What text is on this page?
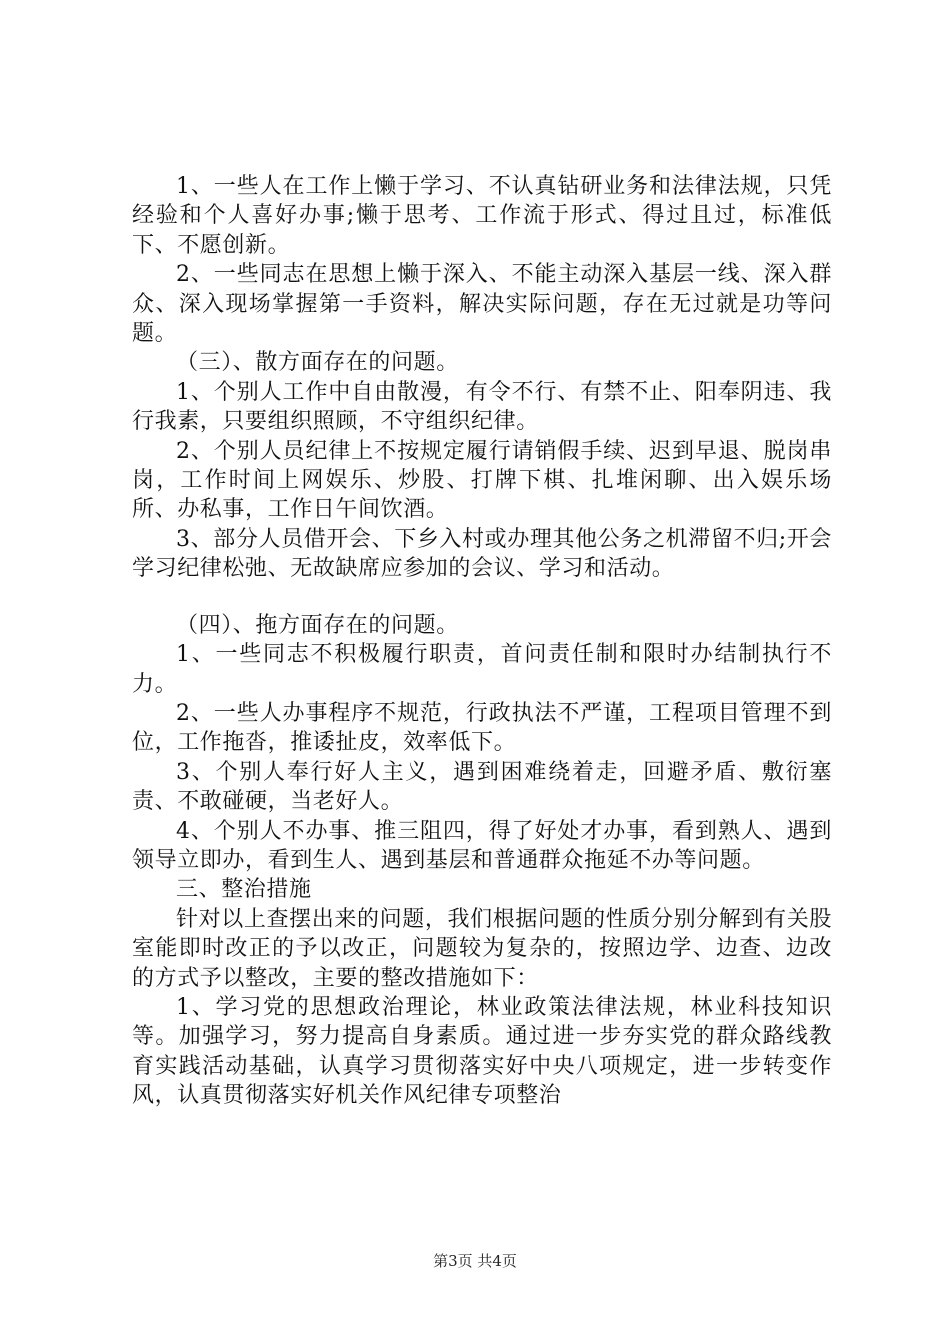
1、一些人在工作上懒于学习、不认真钻研业务和法律法规，只凭经验和个人喜好办事;懒于思考、工作流于形式、得过且过，标准低下、不愿创新。

2、一些同志在思想上懒于深入、不能主动深入基层一线、深入群众、深入现场掌握第一手资料，解决实际问题，存在无过就是功等问题。

（三）、散方面存在的问题。

1、个别人工作中自由散漫，有令不行、有禁不止、阳奉阴违、我行我素，只要组织照顾，不守组织纪律。

2、个别人员纪律上不按规定履行请销假手续、迟到早退、脱岗串岗，工作时间上网娱乐、炒股、打牌下棋、扎堆闲聊、出入娱乐场所、办私事，工作日午间饮酒。

3、部分人员借开会、下乡入村或办理其他公务之机滞留不归;开会学习纪律松弛、无故缺席应参加的会议、学习和活动。

（四）、拖方面存在的问题。

1、一些同志不积极履行职责，首问责任制和限时办结制执行不力。

2、一些人办事程序不规范，行政执法不严谨，工程项目管理不到位，工作拖沓，推诿扯皮，效率低下。

3、个别人奉行好人主义，遇到困难绕着走，回避矛盾、敷衍塞责、不敢碰硬，当老好人。

4、个别人不办事、推三阻四，得了好处才办事，看到熟人、遇到领导立即办，看到生人、遇到基层和普通群众拖延不办等问题。

三、整治措施

针对以上查摆出来的问题，我们根据问题的性质分别分解到有关股室能即时改正的予以改正，问题较为复杂的，按照边学、边查、边改的方式予以整改，主要的整改措施如下：

1、学习党的思想政治理论，林业政策法律法规，林业科技知识等。加强学习，努力提高自身素质。通过进一步夯实党的群众路线教育实践活动基础，认真学习贯彻落实好中央八项规定，进一步转变作风，认真贯彻落实好机关作风纪律专项整治

第3页 共4页
